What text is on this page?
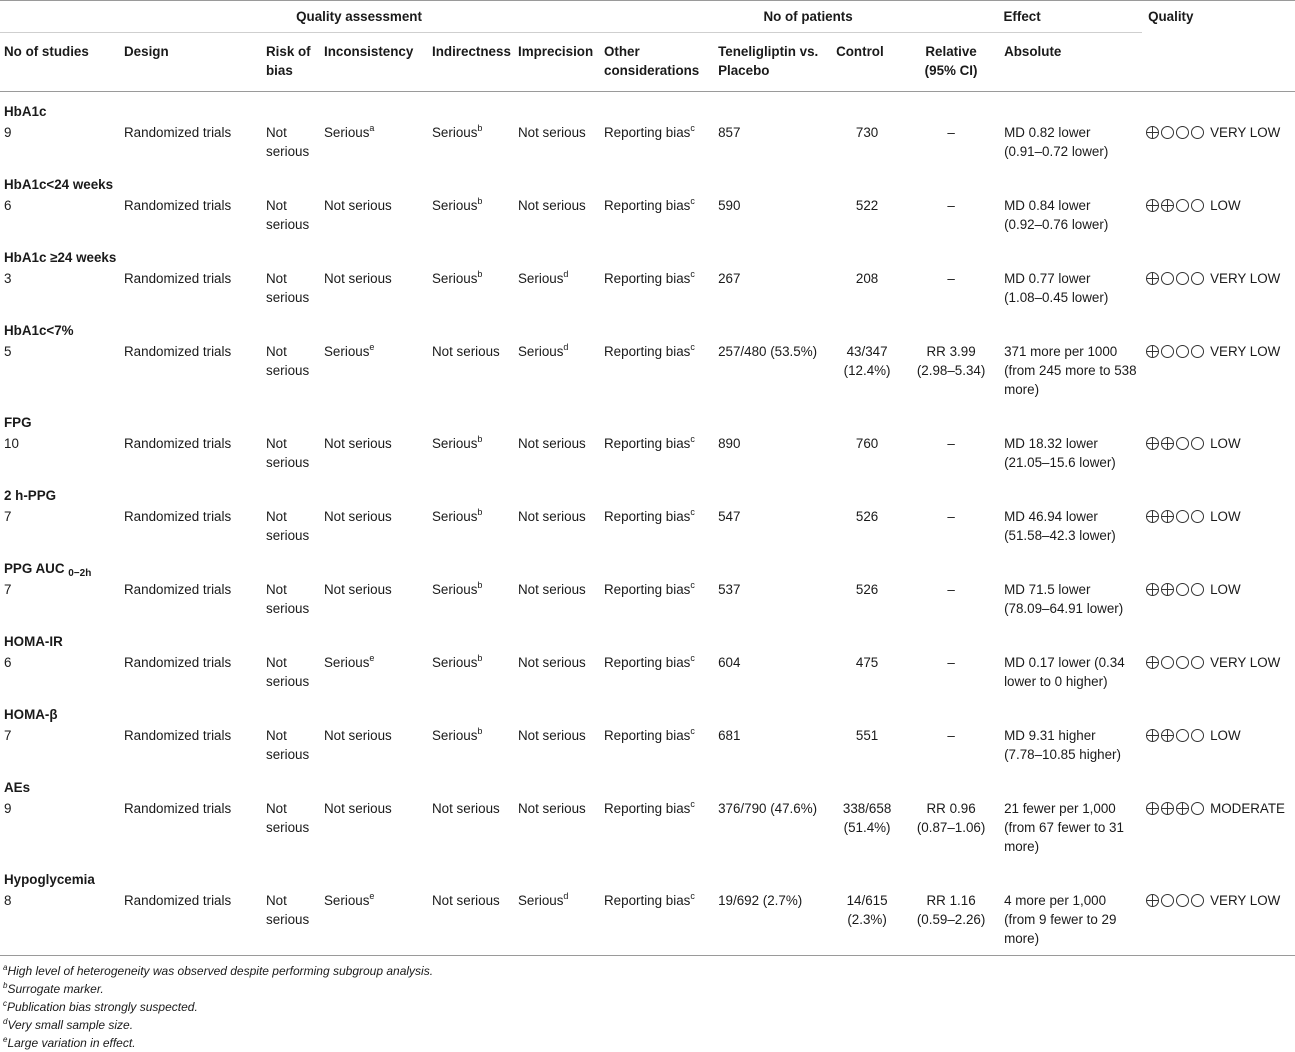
Quality assessment							No of patients		Effect		Quality
No of studies	Design	Risk of
bias	Inconsistency	Indirectness	Imprecision	Other
considerations	Teneligliptin vs.
Placebo	Control	Relative
(95% CI)	Absolute	
HbA1c											
9	Randomized trials	Not
serious	Serious$^a$	Serious$^b$	Not serious	Reporting bias$^c$	857	730	–	MD 0.82 lower
(0.91–0.72 lower)	VERY LOW

HbA1c<24 weeks											
6	Randomized trials	Not
serious	Not serious	Serious$^b$	Not serious	Reporting bias$^c$	590	522	–	MD 0.84 lower
(0.92–0.76 lower)	LOW

HbA1c ≥24 weeks											
3	Randomized trials	Not
serious	Not serious	Serious$^b$	Serious$^d$	Reporting bias$^c$	267	208	–	MD 0.77 lower
(1.08–0.45 lower)	VERY LOW

HbA1c<7%											
5	Randomized trials	Not
serious	Serious$^e$	Not serious	Serious$^d$	Reporting bias$^c$	257/480 (53.5%)	43/347
(12.4%)	RR 3.99
(2.98–5.34)	371 more per 1000
(from 245 more to 538
more)	VERY LOW

FPG											
10	Randomized trials	Not
serious	Not serious	Serious$^b$	Not serious	Reporting bias$^c$	890	760	–	MD 18.32 lower
(21.05–15.6 lower)	LOW

2 h-PPG											
7	Randomized trials	Not
serious	Not serious	Serious$^b$	Not serious	Reporting bias$^c$	547	526	–	MD 46.94 lower
(51.58–42.3 lower)	LOW

PPG AUC $_{0-2h}$
7	Randomized trials	Not
serious	Not serious	Serious$^b$	Not serious	Reporting bias$^c$	537	526	–	MD 71.5 lower
(78.09–64.91 lower)	LOW

HOMA-IR											
6	Randomized trials	Not
serious	Serious$^e$	Serious$^b$	Not serious	Reporting bias$^c$	604	475	–	MD 0.17 lower (0.34
lower to 0 higher)	VERY LOW

HOMA-β											
7	Randomized trials	Not
serious	Not serious	Serious$^b$	Not serious	Reporting bias$^c$	681	551	–	MD 9.31 higher
(7.78–10.85 higher)	LOW

AEs											
9	Randomized trials	Not
serious	Not serious	Not serious	Not serious	Reporting bias$^c$	376/790 (47.6%)	338/658
(51.4%)	RR 0.96
(0.87–1.06)	21 fewer per 1,000
(from 67 fewer to 31
more)	MODERATE

Hypoglycemia											
8	Randomized trials	Not
serious	Serious$^e$	Not serious	Serious$^d$	Reporting bias$^c$	19/692 (2.7%)	14/615
(2.3%)	RR 1.16
(0.59–2.26)	4 more per 1,000
(from 9 fewer to 29
more)	VERY LOW
$^a$High level of heterogeneity was observed despite performing subgroup analysis.
$^b$Surrogate marker.
$^c$Publication bias strongly suspected.
$^d$Very small sample size.
$^e$Large variation in effect.
